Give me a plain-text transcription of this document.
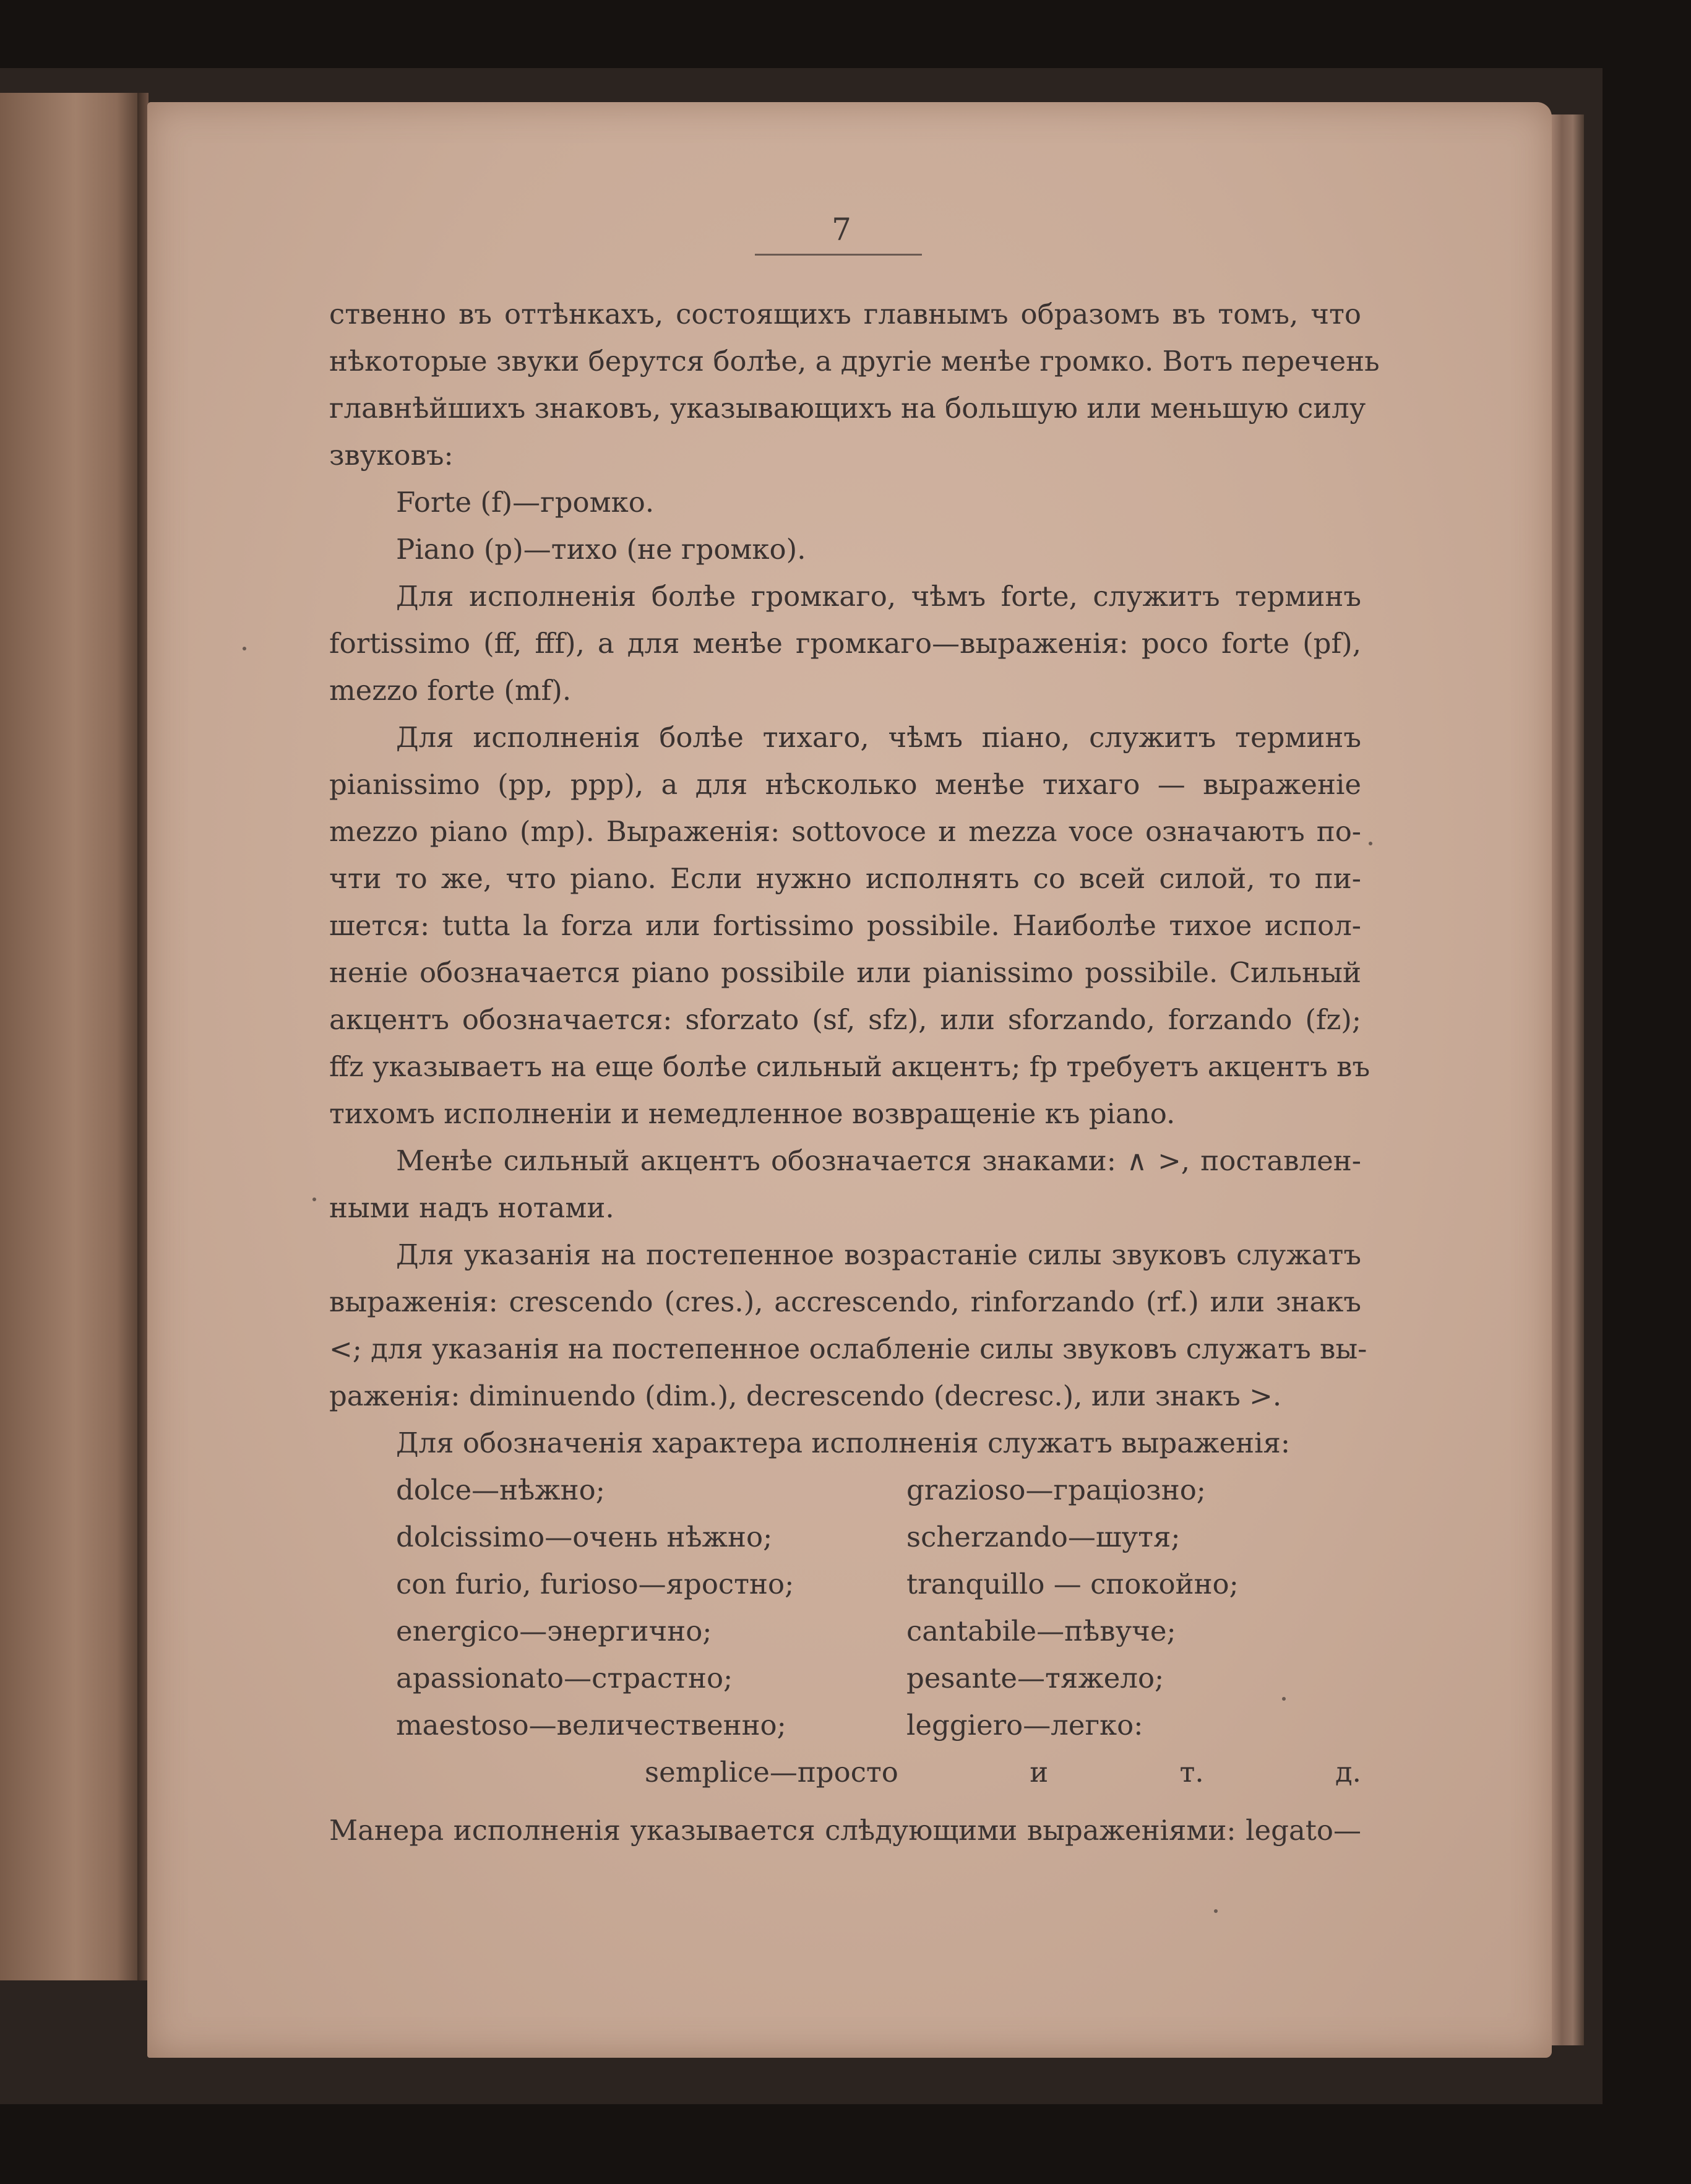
7
ственно въ оттѣнкахъ, состоящихъ главнымъ образомъ въ томъ, что
нѣкоторые звуки берутся болѣе, а другіе менѣе громко. Вотъ перечень
главнѣйшихъ знаковъ, указывающихъ на большую или меньшую силу
звуковъ:
Forte (f)—громко.
Piano (p)—тихо (не громко).
Для исполненія болѣе громкаго, чѣмъ forte, служитъ терминъ
fortissimo (ff, fff), а для менѣе громкаго—выраженія: poco forte (pf),
mezzo forte (mf).
Для исполненія болѣе тихаго, чѣмъ піано, служитъ терминъ
pianissimo (pp, ppp), а для нѣсколько менѣе тихаго — выраженіе
mezzo piano (mp). Выраженія: sottovoce и mezza voce означаютъ по-
чти то же, что piano. Если нужно исполнять со всей силой, то пи-
шется: tutta la forza или fortissimo possibile. Наиболѣе тихое испол-
неніе обозначается piano possibile или pianissimo possibile. Сильный
акцентъ обозначается: sforzato (sf, sfz), или sforzando, forzando (fz);
ffz указываетъ на еще болѣе сильный акцентъ; fp требуетъ акцентъ въ
тихомъ исполненіи и немедленное возвращеніе къ piano.
Менѣе сильный акцентъ обозначается знаками: ∧ >, поставлен-
ными надъ нотами.
Для указанія на постепенное возрастаніе силы звуковъ служатъ
выраженія: crescendo (cres.), accrescendo, rinforzando (rf.) или знакъ
<; для указанія на постепенное ослабленіе силы звуковъ служатъ вы-
раженія: diminuendo (dim.), decrescendo (decresc.), или знакъ >.
Для обозначенія характера исполненія служатъ выраженія:
dolce—нѣжно;	grazioso—граціозно;
dolcissimo—очень нѣжно;	scherzando—шутя;
con furio, furioso—яростно;	tranquillo — спокойно;
energico—энергично;	cantabile—пѣвуче;
apassionato—страстно;	pesante—тяжело;
maestoso—величественно;	leggiero—легко:
semplice—просто и т. д.
Манера исполненія указывается слѣдующими выраженіями: legato—
